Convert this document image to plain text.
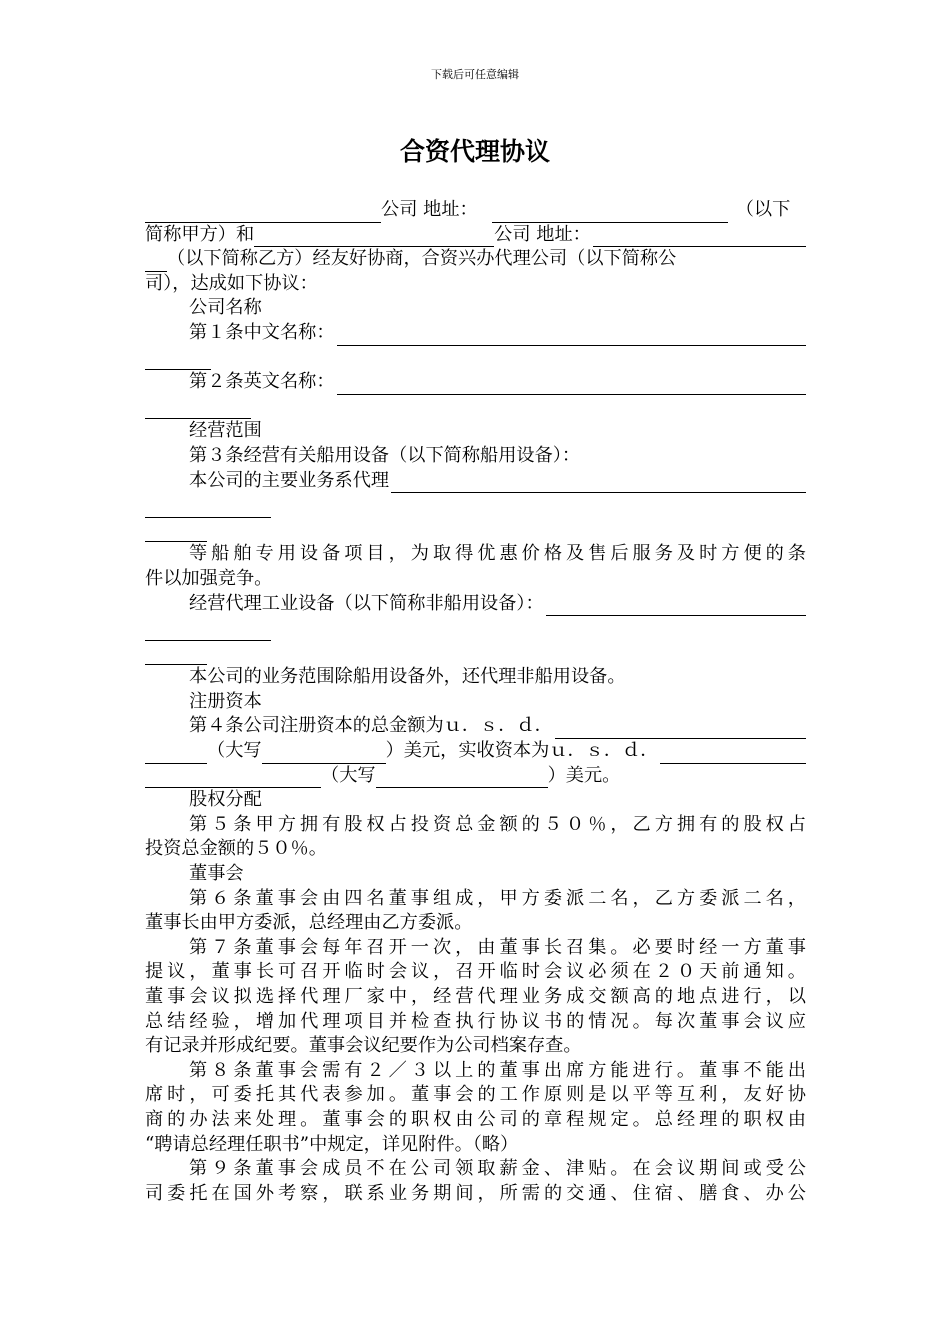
下载后可任意编辑
合资代理协议
公司 地址：	（以下
简称甲方）和	公司 地址：
（以下简称乙方）经友好协商，合资兴办代理公司（以下简称公
司），达成如下协议：
公司名称
第１条中文名称：
第２条英文名称：
经营范围
第３条经营有关船用设备（以下简称船用设备）：
本公司的主要业务系代理
等船舶专用设备项目，为取得优惠价格及售后服务及时方便的条
件以加强竞争。
经营代理工业设备（以下简称非船用设备）：
本公司的业务范围除船用设备外，还代理非船用设备。
注册资本
第４条公司注册资本的总金额为ｕ．ｓ．ｄ．
（大写	）美元，实收资本为ｕ．ｓ．ｄ．
（大写	）美元。
股权分配
第５条甲方拥有股权占投资总金额的５０％，乙方拥有的股权占
投资总金额的５０％。
董事会
第６条董事会由四名董事组成，甲方委派二名，乙方委派二名，
董事长由甲方委派，总经理由乙方委派。
第７条董事会每年召开一次，由董事长召集。必要时经一方董事
提议，董事长可召开临时会议，召开临时会议必须在２０天前通知。
董事会议拟选择代理厂家中，经营代理业务成交额高的地点进行，以
总结经验，增加代理项目并检查执行协议书的情况。每次董事会议应
有记录并形成纪要。董事会议纪要作为公司档案存查。
第８条董事会需有２／３以上的董事出席方能进行。董事不能出
席时，可委托其代表参加。董事会的工作原则是以平等互利，友好协
商的办法来处理。董事会的职权由公司的章程规定。总经理的职权由
“聘请总经理任职书”中规定，详见附件。（略）
第９条董事会成员不在公司领取薪金、津贴。在会议期间或受公
司委托在国外考察，联系业务期间，所需的交通、住宿、膳食、办公
